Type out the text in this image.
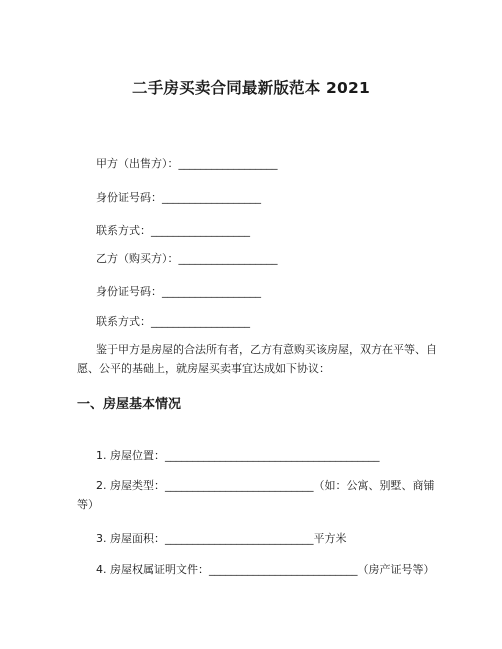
二手房买卖合同最新版范本 2021
甲方（出售方）：__________________
身份证号码：__________________
联系方式：__________________
乙方（购买方）：__________________
身份证号码：__________________
联系方式：__________________
鉴于甲方是房屋的合法所有者，乙方有意购买该房屋，双方在平等、自愿、公平的基础上，就房屋买卖事宜达成如下协议：
一、房屋基本情况
1. 房屋位置：_______________________________________
2. 房屋类型：___________________________（如：公寓、别墅、商铺等）
3. 房屋面积：___________________________平方米
4. 房屋权属证明文件：___________________________（房产证号等）
